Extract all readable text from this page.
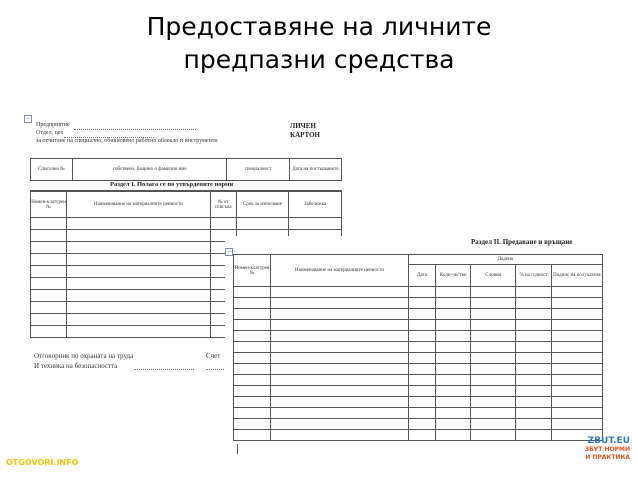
Предоставяне на личните
предпазни средства
+
Предприятие
Отдел, цех
за отчитане на специално, обикновено работно облекло и инструменти
ЛИЧЕН
КАРТОН
Списъчен №	собствено, бащино и фамилно име	специалност	Дата на постъпването
Раздел I. Полага се по утвърдените норми
Номен-клатурен №	Наименование на материалните ценности	№ от списъка	Срок за износване	Забележка

Отговорник по охраната на труда
И техника на безопасността
Счет
+
Раздел II. Предаване и връщане
Номен-клатурен №	Наименование на материалните ценности	Дадено				
		Дата	Коли-чество	Словом	% на годност	Подпис на получателя

OTGOVORI.INFO
ZBUT.EU
ЗБУТ НОРМИ
И ПРАКТИКА
